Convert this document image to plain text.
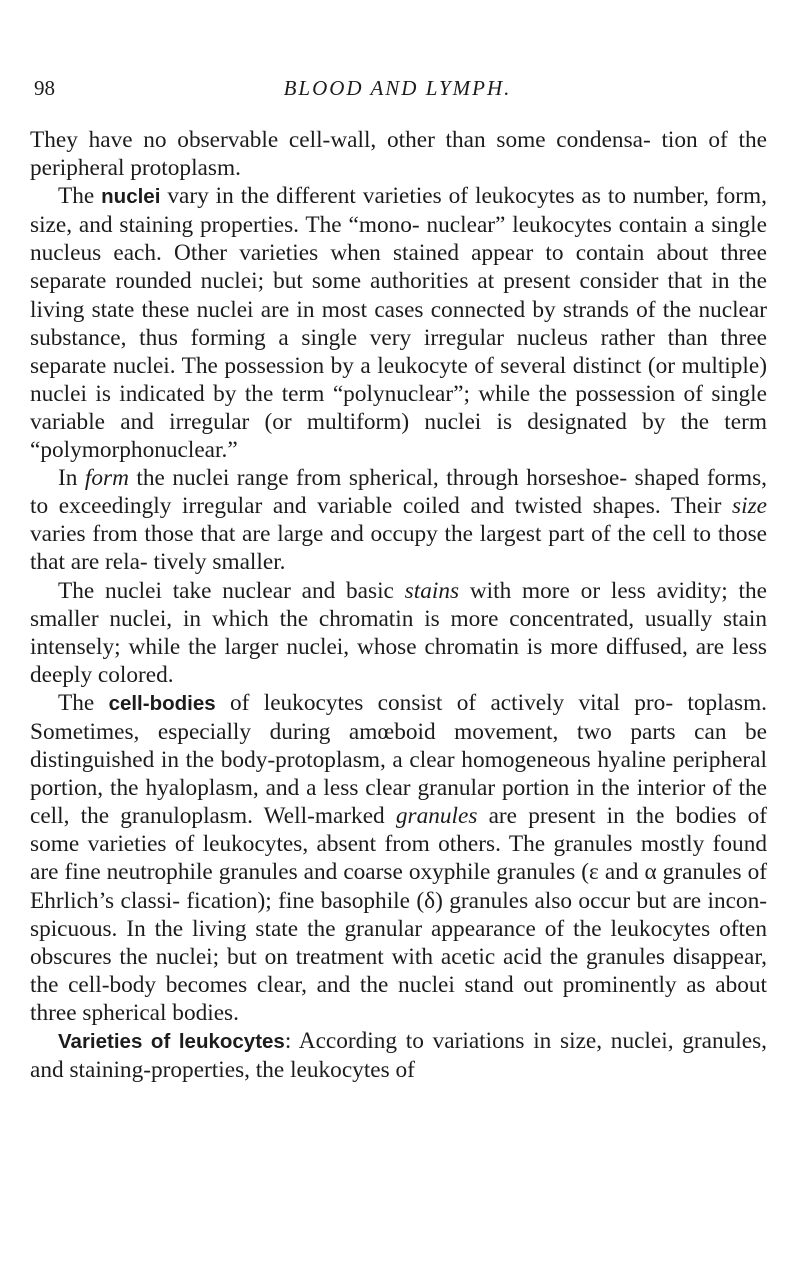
98	BLOOD AND LYMPH.

They have no observable cell-wall, other than some condensa- tion of the peripheral protoplasm.

The nuclei vary in the different varieties of leukocytes as to number, form, size, and staining properties. The “mono- nuclear” leukocytes contain a single nucleus each. Other varieties when stained appear to contain about three separate rounded nuclei; but some authorities at present consider that in the living state these nuclei are in most cases connected by strands of the nuclear substance, thus forming a single very irregular nucleus rather than three separate nuclei. The possession by a leukocyte of several distinct (or multiple) nuclei is indicated by the term “polynuclear”; while the possession of single variable and irregular (or multiform) nuclei is designated by the term “polymorphonuclear.”

In form the nuclei range from spherical, through horseshoe- shaped forms, to exceedingly irregular and variable coiled and twisted shapes. Their size varies from those that are large and occupy the largest part of the cell to those that are rela- tively smaller.

The nuclei take nuclear and basic stains with more or less avidity; the smaller nuclei, in which the chromatin is more concentrated, usually stain intensely; while the larger nuclei, whose chromatin is more diffused, are less deeply colored.

The cell-bodies of leukocytes consist of actively vital pro- toplasm. Sometimes, especially during amœboid movement, two parts can be distinguished in the body-protoplasm, a clear homogeneous hyaline peripheral portion, the hyaloplasm, and a less clear granular portion in the interior of the cell, the granuloplasm. Well-marked granules are present in the bodies of some varieties of leukocytes, absent from others. The granules mostly found are fine neutrophile granules and coarse oxyphile granules (ε and α granules of Ehrlich’s classi- fication); fine basophile (δ) granules also occur but are incon- spicuous. In the living state the granular appearance of the leukocytes often obscures the nuclei; but on treatment with acetic acid the granules disappear, the cell-body becomes clear, and the nuclei stand out prominently as about three spherical bodies.

Varieties of leukocytes: According to variations in size, nuclei, granules, and staining-properties, the leukocytes of
